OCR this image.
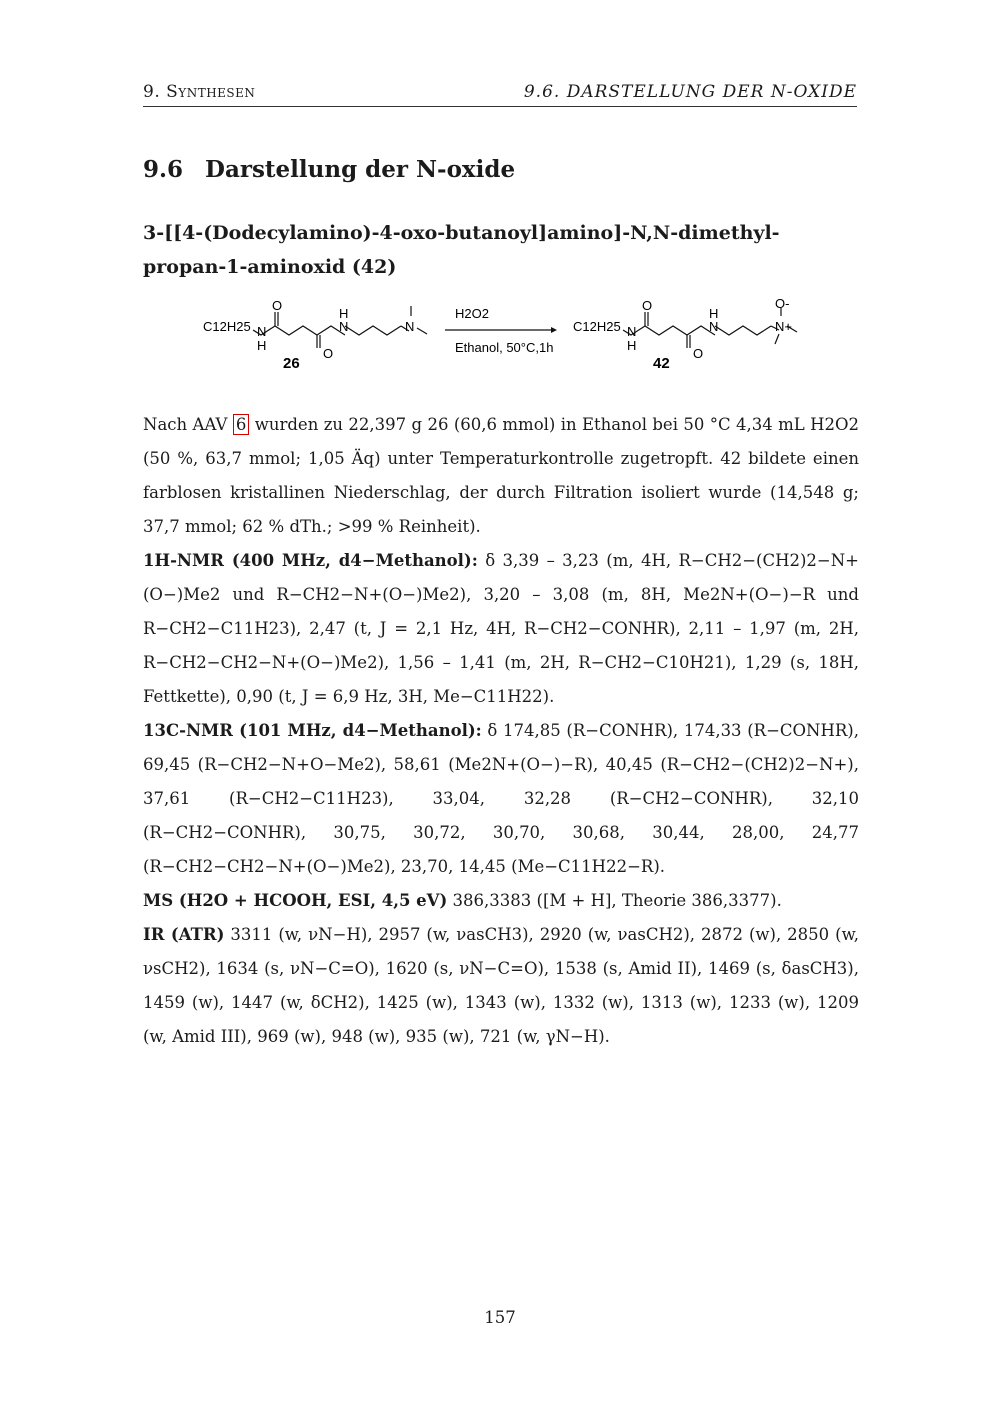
9. Synthesen	9.6. DARSTELLUNG DER N-OXIDE
9.6 Darstellung der N-oxide
3-[[4-(Dodecylamino)-4-oxo-butanoyl]amino]-N,N-dimethyl-propan-1-aminoxid (42)
C12H25 N
H
O
O
N
H
N
26
H2O2
Ethanol, 50°C,1h
C12H25 N
H
O
O
N
H
N+
O-
42

Nach AAV 6 wurden zu 22,397 g 26 (60,6 mmol) in Ethanol bei 50 °C 4,34 mL H2O2 (50 %, 63,7 mmol; 1,05 Äq) unter Temperaturkontrolle zugetropft. 42 bildete einen farblosen kristallinen Niederschlag, der durch Filtration isoliert wurde (14,548 g; 37,7 mmol; 62 % dTh.; >99 % Reinheit).

1H-NMR (400 MHz, d4−Methanol): δ 3,39 – 3,23 (m, 4H, R−CH2−(CH2)2−N+(O−)Me2 und R−CH2−N+(O−)Me2), 3,20 – 3,08 (m, 8H, Me2N+(O−)−R und R−CH2−C11H23), 2,47 (t, J = 2,1 Hz, 4H, R−CH2−CONHR), 2,11 – 1,97 (m, 2H, R−CH2−CH2−N+(O−)Me2), 1,56 – 1,41 (m, 2H, R−CH2−C10H21), 1,29 (s, 18H, Fettkette), 0,90 (t, J = 6,9 Hz, 3H, Me−C11H22).

13C-NMR (101 MHz, d4−Methanol): δ 174,85 (R−CONHR), 174,33 (R−CONHR), 69,45 (R−CH2−N+O−Me2), 58,61 (Me2N+(O−)−R), 40,45 (R−CH2−(CH2)2−N+), 37,61 (R−CH2−C11H23), 33,04, 32,28 (R−CH2−CONHR), 32,10 (R−CH2−CONHR), 30,75, 30,72, 30,70, 30,68, 30,44, 28,00, 24,77 (R−CH2−CH2−N+(O−)Me2), 23,70, 14,45 (Me−C11H22−R).

MS (H2O + HCOOH, ESI, 4,5 eV) 386,3383 ([M + H], Theorie 386,3377).

IR (ATR) 3311 (w, νN−H), 2957 (w, νasCH3), 2920 (w, νasCH2), 2872 (w), 2850 (w, νsCH2), 1634 (s, νN−C=O), 1620 (s, νN−C=O), 1538 (s, Amid II), 1469 (s, δasCH3), 1459 (w), 1447 (w, δCH2), 1425 (w), 1343 (w), 1332 (w), 1313 (w), 1233 (w), 1209 (w, Amid III), 969 (w), 948 (w), 935 (w), 721 (w, γN−H).

157
